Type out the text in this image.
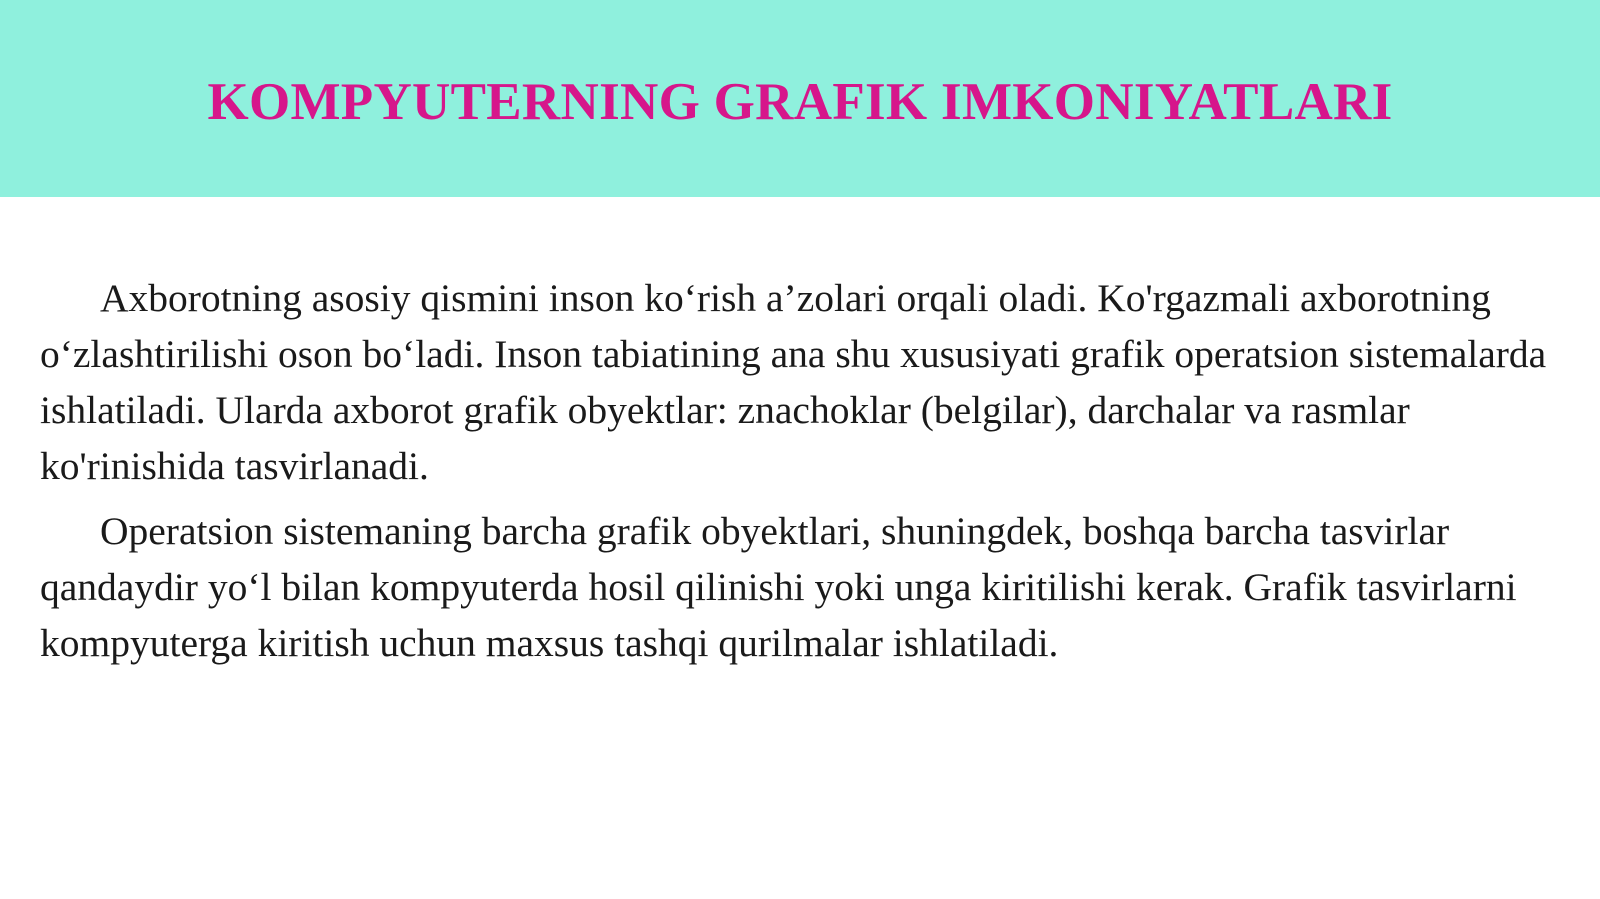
KOMPYUTERNING GRAFIK IMKONIYATLARI

Axborotning asosiy qismini inson ko‘rish a’zolari orqali oladi. Ko'rgazmali axborotning o‘zlashtirilishi oson bo‘ladi. Inson tabiatining ana shu xususiyati grafik operatsion sistemalarda ishlatiladi. Ularda axborot grafik obyektlar: znachoklar (belgilar), darchalar va rasmlar ko'rinishida tasvirlanadi.

Operatsion sistemaning barcha grafik obyektlari, shuningdek, boshqa barcha tasvirlar qandaydir yo‘l bilan kompyuterda hosil qilinishi yoki unga kiritilishi kerak. Grafik tasvirlarni kompyuterga kiritish uchun maxsus tashqi qurilmalar ishlatiladi.
